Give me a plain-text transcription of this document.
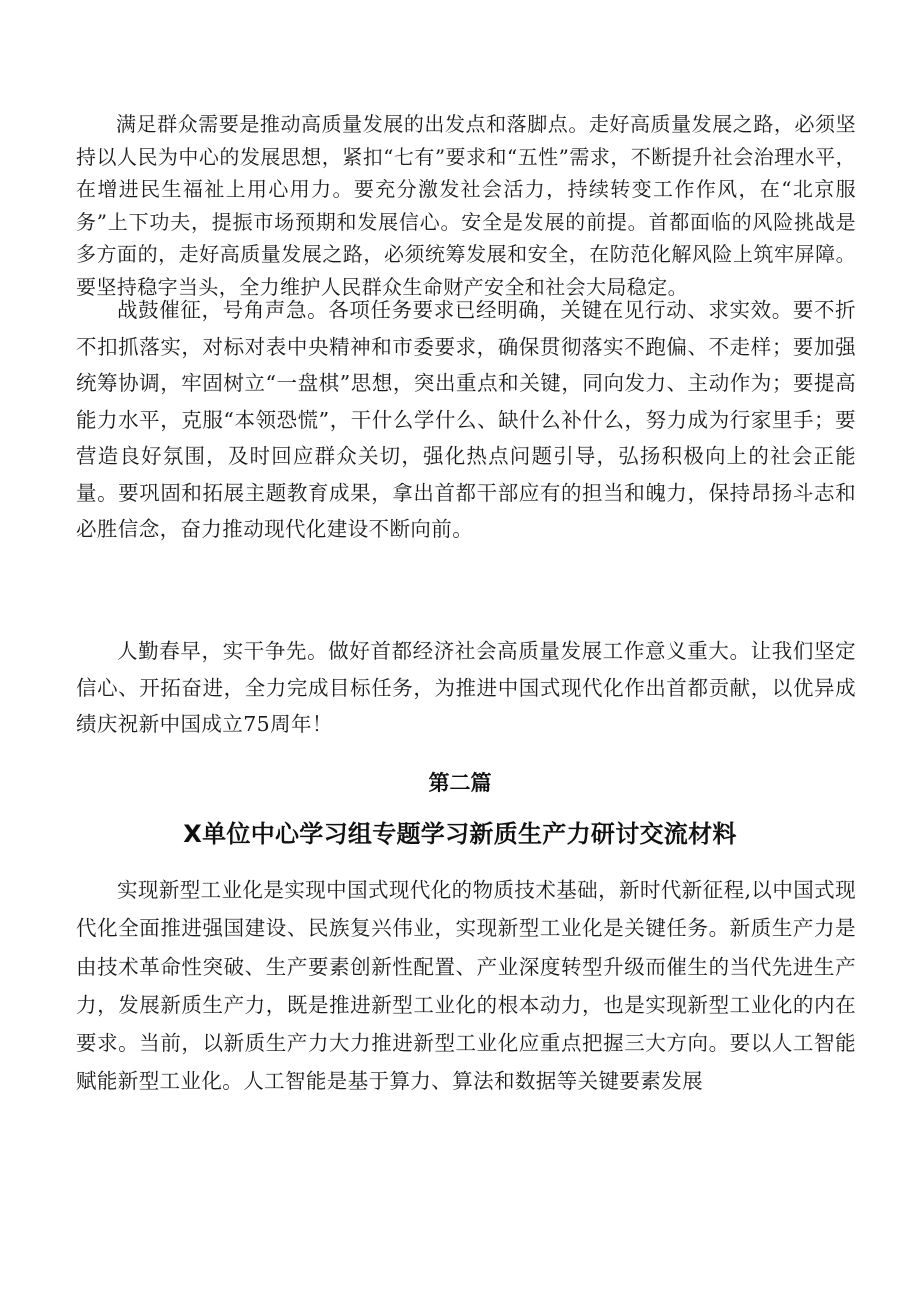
满足群众需要是推动高质量发展的出发点和落脚点。走好高质量发展之路，必须坚持以人民为中心的发展思想，紧扣“七有”要求和“五性”需求，不断提升社会治理水平，在增进民生福祉上用心用力。要充分激发社会活力，持续转变工作作风，在“北京服务”上下功夫，提振市场预期和发展信心。安全是发展的前提。首都面临的风险挑战是多方面的，走好高质量发展之路，必须统筹发展和安全，在防范化解风险上筑牢屏障。要坚持稳字当头，全力维护人民群众生命财产安全和社会大局稳定。

战鼓催征，号角声急。各项任务要求已经明确，关键在见行动、求实效。要不折不扣抓落实，对标对表中央精神和市委要求，确保贯彻落实不跑偏、不走样；要加强统筹协调，牢固树立“一盘棋”思想，突出重点和关键，同向发力、主动作为；要提高能力水平，克服“本领恐慌”，干什么学什么、缺什么补什么，努力成为行家里手；要营造良好氛围，及时回应群众关切，强化热点问题引导，弘扬积极向上的社会正能量。要巩固和拓展主题教育成果，拿出首都干部应有的担当和魄力，保持昂扬斗志和必胜信念，奋力推动现代化建设不断向前。

人勤春早，实干争先。做好首都经济社会高质量发展工作意义重大。让我们坚定信心、开拓奋进，全力完成目标任务，为推进中国式现代化作出首都贡献，以优异成绩庆祝新中国成立75周年！

第二篇
X单位中心学习组专题学习新质生产力研讨交流材料

实现新型工业化是实现中国式现代化的物质技术基础，新时代新征程,以中国式现代化全面推进强国建设、民族复兴伟业，实现新型工业化是关键任务。新质生产力是由技术革命性突破、生产要素创新性配置、产业深度转型升级而催生的当代先进生产力，发展新质生产力，既是推进新型工业化的根本动力，也是实现新型工业化的内在要求。当前，以新质生产力大力推进新型工业化应重点把握三大方向。要以人工智能赋能新型工业化。人工智能是基于算力、算法和数据等关键要素发展
